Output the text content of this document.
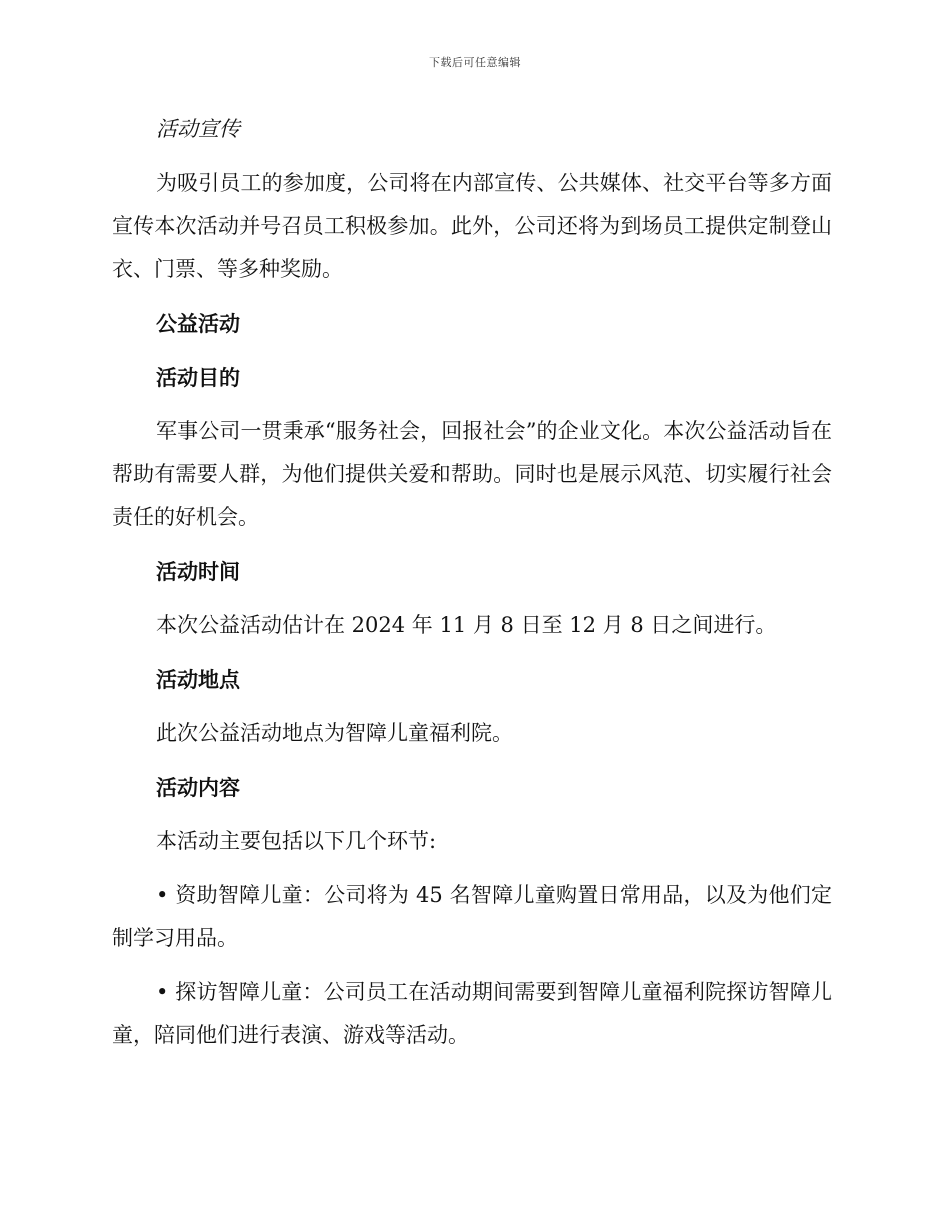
下载后可任意编辑
活动宣传
为吸引员工的参加度，公司将在内部宣传、公共媒体、社交平台等多方面宣传本次活动并号召员工积极参加。此外，公司还将为到场员工提供定制登山衣、门票、等多种奖励。
公益活动
活动目的
军事公司一贯秉承“服务社会，回报社会”的企业文化。本次公益活动旨在帮助有需要人群，为他们提供关爱和帮助。同时也是展示风范、切实履行社会责任的好机会。
活动时间
本次公益活动估计在 2024 年 11 月 8 日至 12 月 8 日之间进行。
活动地点
此次公益活动地点为智障儿童福利院。
活动内容
本活动主要包括以下几个环节:
• 资助智障儿童：公司将为 45 名智障儿童购置日常用品，以及为他们定制学习用品。
• 探访智障儿童：公司员工在活动期间需要到智障儿童福利院探访智障儿童，陪同他们进行表演、游戏等活动。
